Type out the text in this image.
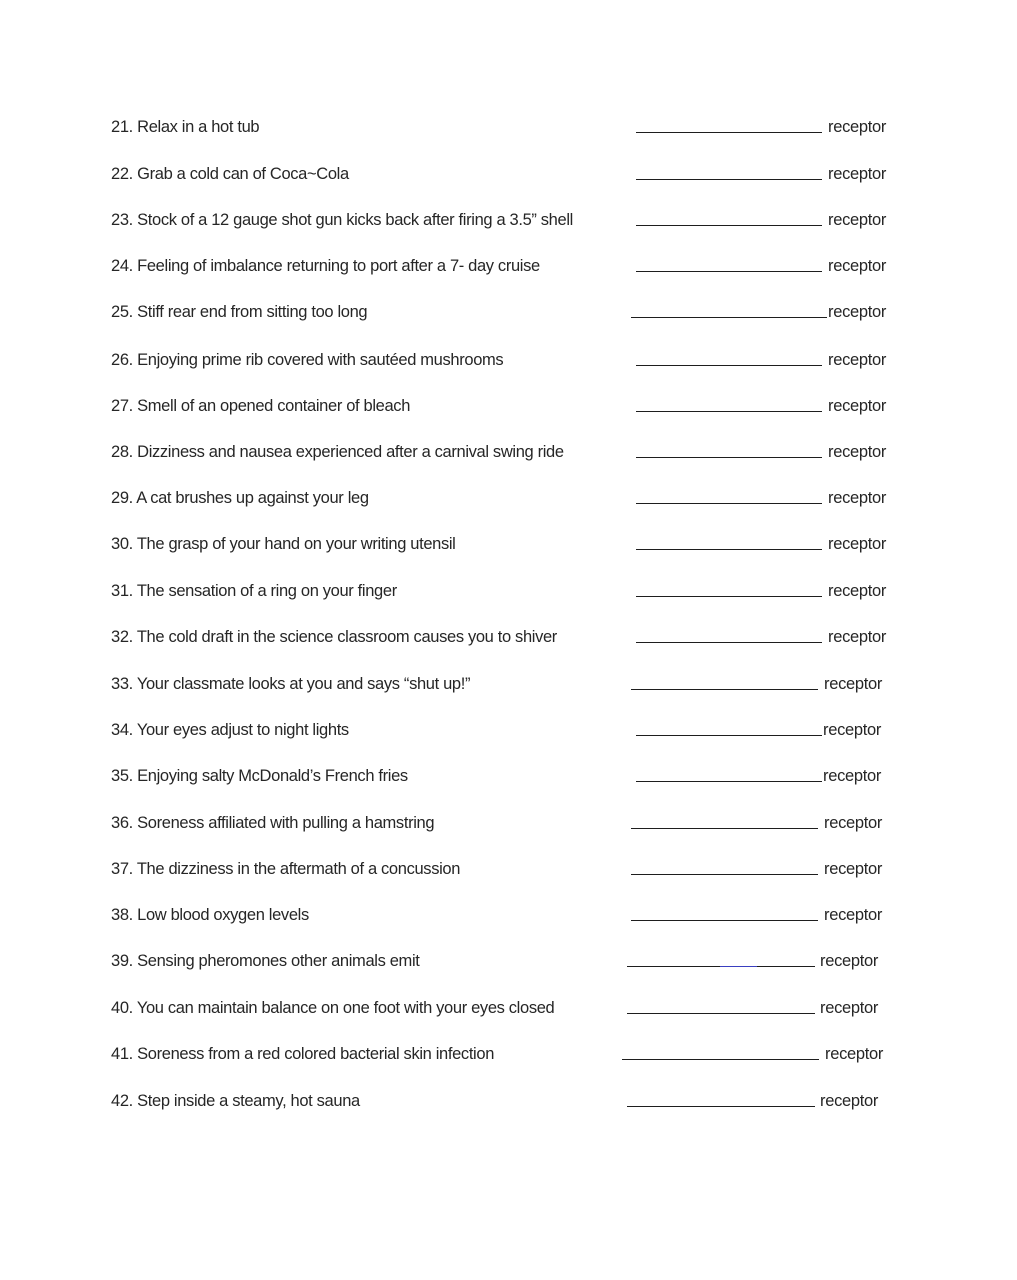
21. Relax in a hot tub	receptor
22. Grab a cold can of Coca~Cola	receptor
23. Stock of a 12 gauge shot gun kicks back after firing a 3.5” shell	receptor
24. Feeling of imbalance returning to port after a 7- day cruise	receptor
25. Stiff rear end from sitting too long	receptor
26. Enjoying prime rib covered with sautéed mushrooms	receptor
27. Smell of an opened container of bleach	receptor
28. Dizziness and nausea experienced after a carnival swing ride	receptor
29. A cat brushes up against your leg	receptor
30. The grasp of your hand on your writing utensil	receptor
31. The sensation of a ring on your finger	receptor
32. The cold draft in the science classroom causes you to shiver	receptor
33. Your classmate looks at you and says “shut up!”	receptor
34. Your eyes adjust to night lights	receptor
35. Enjoying salty McDonald’s French fries	receptor
36. Soreness affiliated with pulling a hamstring	receptor
37. The dizziness in the aftermath of a concussion	receptor
38. Low blood oxygen levels	receptor
39. Sensing pheromones other animals emit	receptor
40. You can maintain balance on one foot with your eyes closed	receptor
41. Soreness from a red colored bacterial skin infection	receptor
42. Step inside a steamy, hot sauna	receptor
